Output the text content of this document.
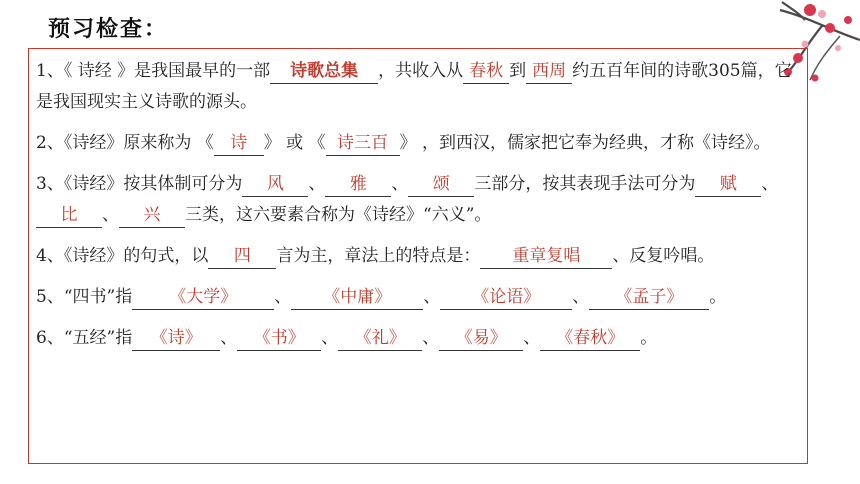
预习检查：

1、《 诗经 》是我国最早的一部 诗歌总集 ，共收入从 春秋 到 西周 约五百年间的诗歌305篇，它是我国现实主义诗歌的源头。

2、《诗经》原来称为 《 诗 》 或 《 诗三百 》 ，到西汉，儒家把它奉为经典，才称《诗经》。

3、《诗经》按其体制可分为 风 、 雅 、 颂 三部分，按其表现手法可分为 赋 、比 、 兴 三类，这六要素合称为《诗经》“六义”。

4、《诗经》的句式，以 四 言为主，章法上的特点是： 重章复唱 、反复吟唱。

5、“四书”指 《大学》 、 《中庸》 、 《论语》 、 《孟子》 。

6、“五经”指 《诗》 、 《书》 、 《礼》 、 《易》 、 《春秋》 。
